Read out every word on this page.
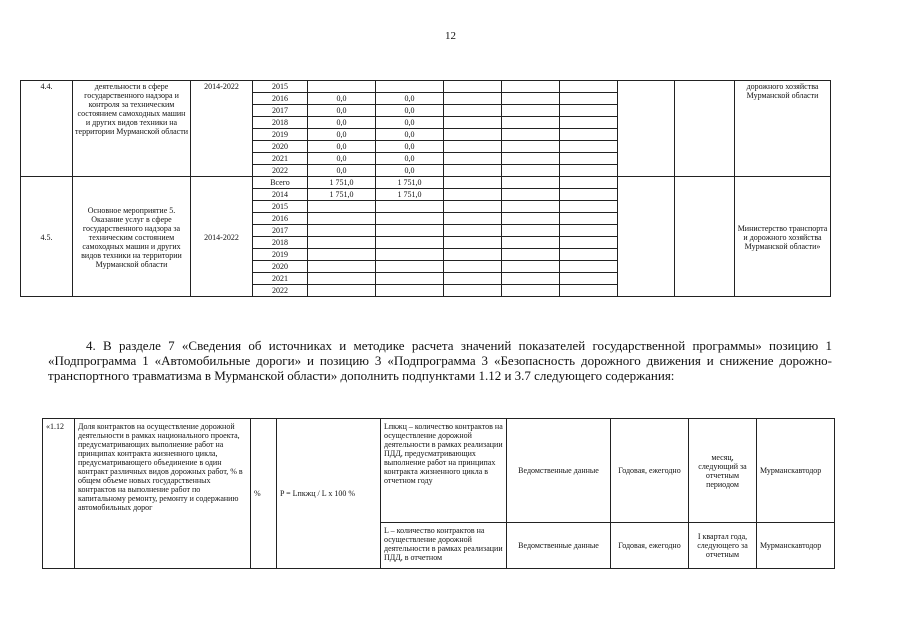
12
4.4.	деятельности в сфере государственного надзора и контроля за техническим состоянием самоходных машин и других видов техники на территории Мурманской области	2014-2022	2015								дорожного хозяйства Мурманской области
			2016	0,0	0,0						
			2017	0,0	0,0						
			2018	0,0	0,0						
			2019	0,0	0,0						
			2020	0,0	0,0						
			2021	0,0	0,0						
			2022	0,0	0,0						
4.5.	Основное мероприятие 5. Оказание услуг в сфере государственного надзора за техническим состоянием самоходных машин и других видов техники на территории Мурманской области	2014-2022	Всего	1 751,0	1 751,0						Министерство транспорта и дорожного хозяйства Мурманской области»
			2014	1 751,0	1 751,0						
			2015								
			2016								
			2017								
			2018								
			2019								
			2020								
			2021								
			2022								
4. В разделе 7 «Сведения об источниках и методике расчета значений показателей государственной программы» позицию 1 «Подпрограмма 1 «Автомобильные дороги» и позицию 3 «Подпрограмма 3 «Безопасность дорожного движения и снижение дорожно-транспортного травматизма в Мурманской области» дополнить подпунктами 1.12 и 3.7 следующего содержания:
«1.12	Доля контрактов на осуществление дорожной деятельности в рамках национального проекта, предусматривающих выполнение работ на принципах контракта жизненного цикла, предусматривающего объединение в один контракт различных видов дорожных работ, % в общем объеме новых государственных контрактов на выполнение работ по капитальному ремонту, ремонту и содержанию автомобильных дорог	%	P = Lпкжц / L x 100 %	Lпкжц – количество контрактов на осуществление дорожной деятельности в рамках реализации ПДД, предусматривающих выполнение работ на принципах контракта жизненного цикла в отчетном году	Ведомственные данные	Годовая, ежегодно	месяц, следующий за отчетным периодом	Мурманскавтодор
				L – количество контрактов на осуществление дорожной деятельности в рамках реализации ПДД, в отчетном	Ведомственные данные	Годовая, ежегодно	I квартал года, следующего за отчетным	Мурманскавтодор
